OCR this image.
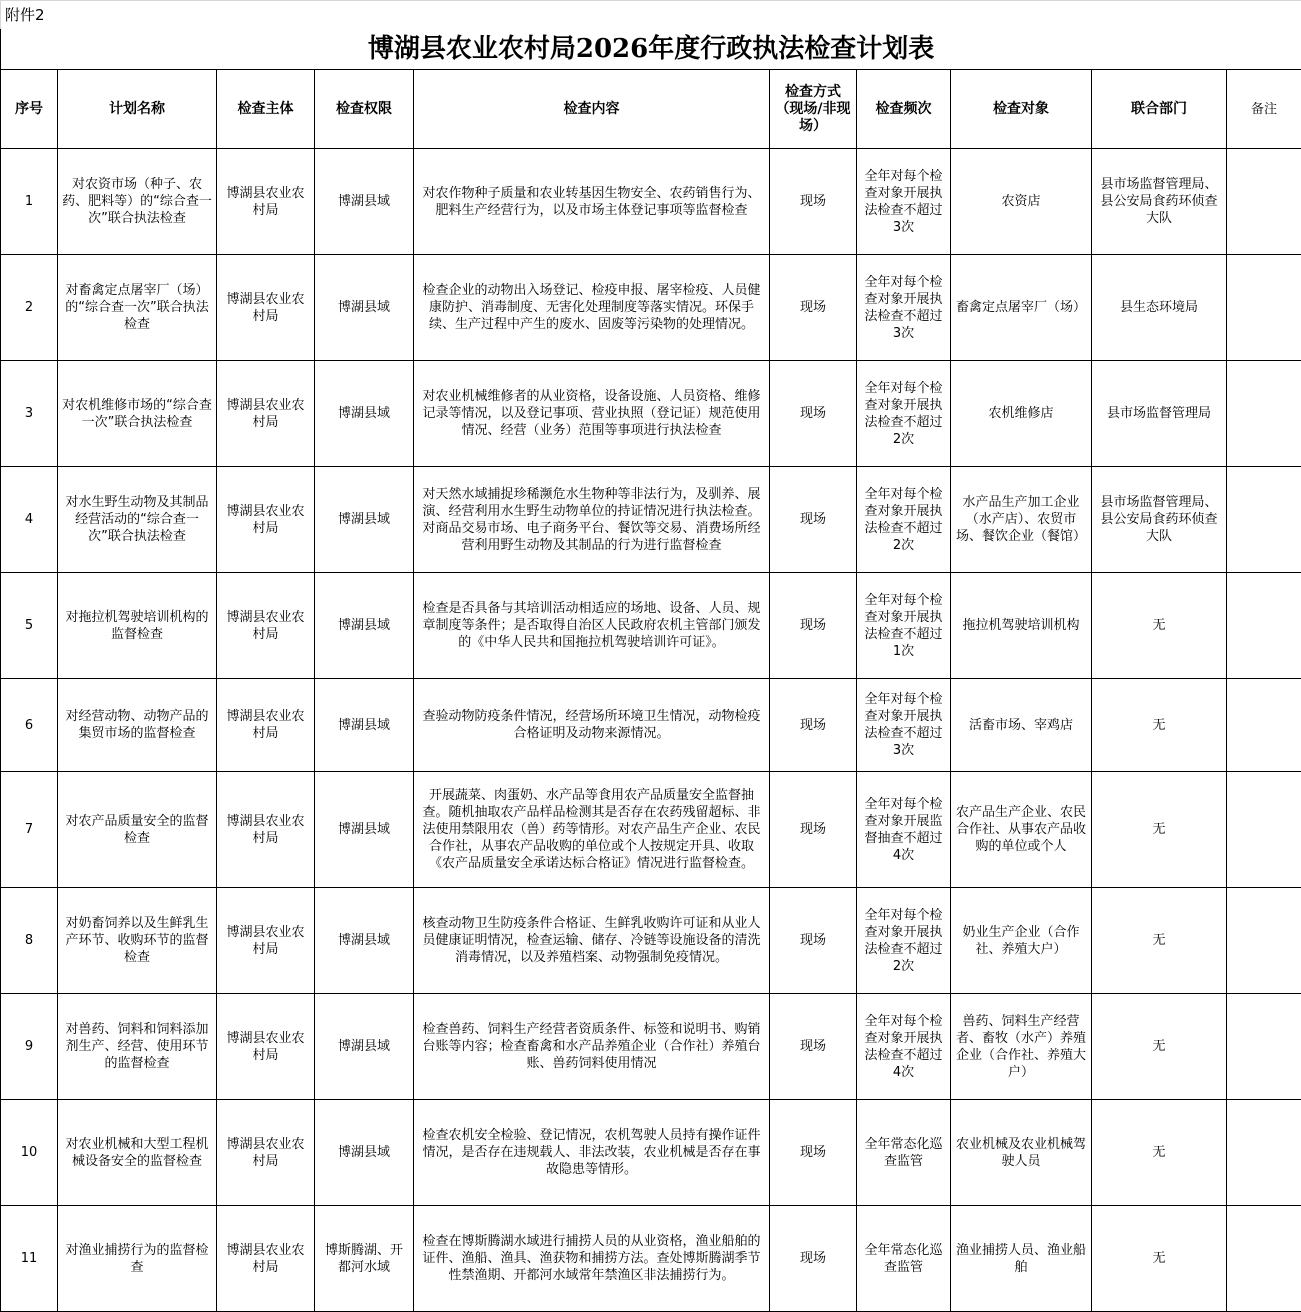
附件2									
博湖县农业农村局2026年度行政执法检查计划表									
序号	计划名称	检查主体	检查权限	检查内容	检查方式（现场/非现场）	检查频次	检查对象	联合部门	备注
1	对农资市场（种子、农药、肥料等）的“综合查一次”联合执法检查	博湖县农业农村局	博湖县域	对农作物种子质量和农业转基因生物安全、农药销售行为、肥料生产经营行为，以及市场主体登记事项等监督检查	现场	全年对每个检查对象开展执法检查不超过3次	农资店	县市场监督管理局、县公安局食药环侦查大队	
2	对畜禽定点屠宰厂（场）的“综合查一次”联合执法检查	博湖县农业农村局	博湖县域	检查企业的动物出入场登记、检疫申报、屠宰检疫、人员健康防护、消毒制度、无害化处理制度等落实情况。环保手续、生产过程中产生的废水、固废等污染物的处理情况。	现场	全年对每个检查对象开展执法检查不超过3次	畜禽定点屠宰厂（场）	县生态环境局	
3	对农机维修市场的“综合查一次”联合执法检查	博湖县农业农村局	博湖县域	对农业机械维修者的从业资格，设备设施、人员资格、维修记录等情况，以及登记事项、营业执照（登记证）规范使用情况、经营（业务）范围等事项进行执法检查	现场	全年对每个检查对象开展执法检查不超过2次	农机维修店	县市场监督管理局	
4	对水生野生动物及其制品经营活动的“综合查一次”联合执法检查	博湖县农业农村局	博湖县域	对天然水域捕捉珍稀濒危水生物种等非法行为，及驯养、展演、经营利用水生野生动物单位的持证情况进行执法检查。对商品交易市场、电子商务平台、餐饮等交易、消费场所经营利用野生动物及其制品的行为进行监督检查	现场	全年对每个检查对象开展执法检查不超过2次	水产品生产加工企业（水产店）、农贸市场、餐饮企业（餐馆）	县市场监督管理局、县公安局食药环侦查大队	
5	对拖拉机驾驶培训机构的监督检查	博湖县农业农村局	博湖县域	检查是否具备与其培训活动相适应的场地、设备、人员、规章制度等条件；是否取得自治区人民政府农机主管部门颁发的《中华人民共和国拖拉机驾驶培训许可证》。	现场	全年对每个检查对象开展执法检查不超过1次	拖拉机驾驶培训机构	无	
6	对经营动物、动物产品的集贸市场的监督检查	博湖县农业农村局	博湖县域	查验动物防疫条件情况，经营场所环境卫生情况，动物检疫合格证明及动物来源情况。	现场	全年对每个检查对象开展执法检查不超过3次	活畜市场、宰鸡店	无	
7	对农产品质量安全的监督检查	博湖县农业农村局	博湖县域	开展蔬菜、肉蛋奶、水产品等食用农产品质量安全监督抽查。随机抽取农产品样品检测其是否存在农药残留超标、非法使用禁限用农（兽）药等情形。对农产品生产企业、农民合作社，从事农产品收购的单位或个人按规定开具、收取《农产品质量安全承诺达标合格证》情况进行监督检查。	现场	全年对每个检查对象开展监督抽查不超过4次	农产品生产企业、农民合作社、从事农产品收购的单位或个人	无	
8	对奶畜饲养以及生鲜乳生产环节、收购环节的监督检查	博湖县农业农村局	博湖县域	核查动物卫生防疫条件合格证、生鲜乳收购许可证和从业人员健康证明情况，检查运输、储存、冷链等设施设备的清洗消毒情况，以及养殖档案、动物强制免疫情况。	现场	全年对每个检查对象开展执法检查不超过2次	奶业生产企业（合作社、养殖大户）	无	
9	对兽药、饲料和饲料添加剂生产、经营、使用环节的监督检查	博湖县农业农村局	博湖县域	检查兽药、饲料生产经营者资质条件、标签和说明书、购销台账等内容；检查畜禽和水产品养殖企业（合作社）养殖台账、兽药饲料使用情况	现场	全年对每个检查对象开展执法检查不超过4次	兽药、饲料生产经营者、畜牧（水产）养殖企业（合作社、养殖大户）	无	
10	对农业机械和大型工程机械设备安全的监督检查	博湖县农业农村局	博湖县域	检查农机安全检验、登记情况，农机驾驶人员持有操作证件情况，是否存在违规载人、非法改装，农业机械是否存在事故隐患等情形。	现场	全年常态化巡查监管	农业机械及农业机械驾驶人员	无	
11	对渔业捕捞行为的监督检查	博湖县农业农村局	博斯腾湖、开都河水域	检查在博斯腾湖水域进行捕捞人员的从业资格，渔业船舶的证件、渔船、渔具、渔获物和捕捞方法。查处博斯腾湖季节性禁渔期、开都河水域常年禁渔区非法捕捞行为。	现场	全年常态化巡查监管	渔业捕捞人员、渔业船舶	无	
